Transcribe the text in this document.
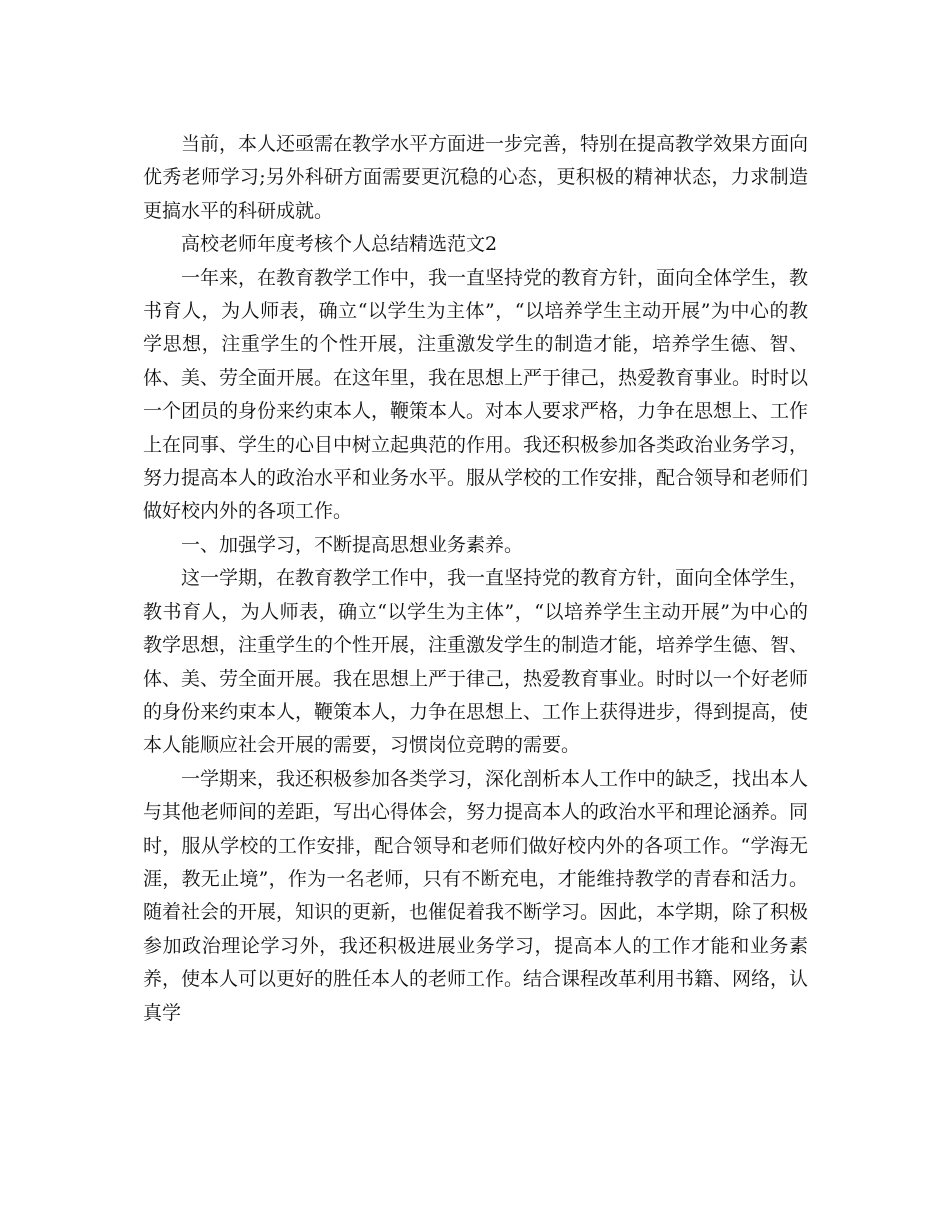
当前，本人还亟需在教学水平方面进一步完善，特别在提高教学效果方面向优秀老师学习;另外科研方面需要更沉稳的心态，更积极的精神状态，力求制造更搞水平的科研成就。

高校老师年度考核个人总结精选范文2

一年来，在教育教学工作中，我一直坚持党的教育方针，面向全体学生，教书育人，为人师表，确立“以学生为主体”，“以培养学生主动开展”为中心的教学思想，注重学生的个性开展，注重激发学生的制造才能，培养学生德、智、体、美、劳全面开展。在这年里，我在思想上严于律己，热爱教育事业。时时以一个团员的身份来约束本人，鞭策本人。对本人要求严格，力争在思想上、工作上在同事、学生的心目中树立起典范的作用。我还积极参加各类政治业务学习，努力提高本人的政治水平和业务水平。服从学校的工作安排，配合领导和老师们做好校内外的各项工作。

一、加强学习，不断提高思想业务素养。

这一学期，在教育教学工作中，我一直坚持党的教育方针，面向全体学生，教书育人，为人师表，确立“以学生为主体”，“以培养学生主动开展”为中心的教学思想，注重学生的个性开展，注重激发学生的制造才能，培养学生德、智、体、美、劳全面开展。我在思想上严于律己，热爱教育事业。时时以一个好老师的身份来约束本人，鞭策本人，力争在思想上、工作上获得进步，得到提高，使本人能顺应社会开展的需要，习惯岗位竞聘的需要。

一学期来，我还积极参加各类学习，深化剖析本人工作中的缺乏，找出本人与其他老师间的差距，写出心得体会，努力提高本人的政治水平和理论涵养。同时，服从学校的工作安排，配合领导和老师们做好校内外的各项工作。“学海无涯，教无止境”，作为一名老师，只有不断充电，才能维持教学的青春和活力。随着社会的开展，知识的更新，也催促着我不断学习。因此，本学期，除了积极参加政治理论学习外，我还积极进展业务学习，提高本人的工作才能和业务素养，使本人可以更好的胜任本人的老师工作。结合课程改革利用书籍、网络，认真学
